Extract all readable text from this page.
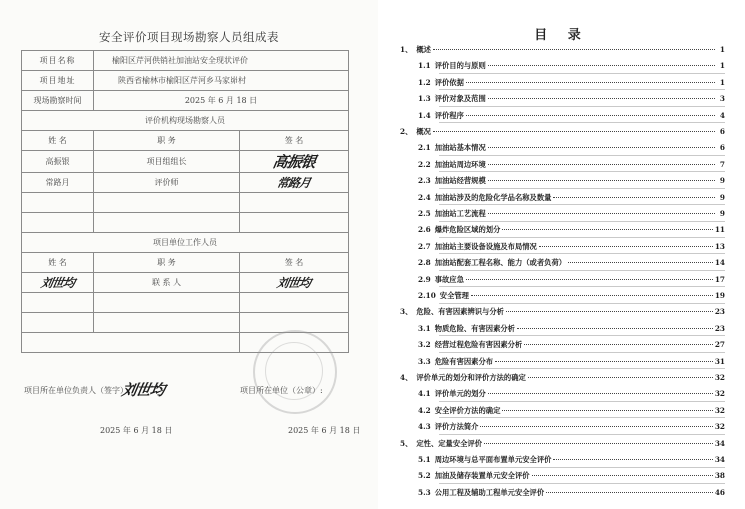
安全评价项目现场勘察人员组成表
项目名称	榆阳区芹河供销社加油站安全现状评价	
项目地址	陕西省榆林市榆阳区芹河乡马家峁村	
现场勘察时间	2025 年 6 月 18 日	
评价机构现场勘察人员		
姓 名	职 务	签 名
高振银	项目组组长	高振银
常路月	评价师	常路月

项目单位工作人员		
姓 名	职 务	签 名
刘世均	联 系 人	刘世均

项目所在单位负责人（签字）:
刘世均
2025 年 6 月 18 日		项目所在单位（公章）:
2025 年 6 月 18 日
目 录
1、 概述	1
1.1 评价目的与原则	1
1.2 评价依据	1
1.3 评价对象及范围	3
1.4 评价程序	4
2、 概况	6
2.1 加油站基本情况	6
2.2 加油站周边环境	7
2.3 加油站经营规模	9
2.4 加油站涉及的危险化学品名称及数量	9
2.5 加油站工艺流程	9
2.6 爆炸危险区域的划分	11
2.7 加油站主要设备设施及布局情况	13
2.8 加油站配套工程名称、能力（或者负荷）	14
2.9 事故应急	17
2.10 安全管理	19
3、 危险、有害因素辨识与分析	23
3.1 物质危险、有害因素分析	23
3.2 经营过程危险有害因素分析	27
3.3 危险有害因素分布	31
4、 评价单元的划分和评价方法的确定	32
4.1 评价单元的划分	32
4.2 安全评价方法的确定	32
4.3 评价方法简介	32
5、 定性、定量安全评价	34
5.1 周边环境与总平面布置单元安全评价	34
5.2 加油及储存装置单元安全评价	38
5.3 公用工程及辅助工程单元安全评价	46
